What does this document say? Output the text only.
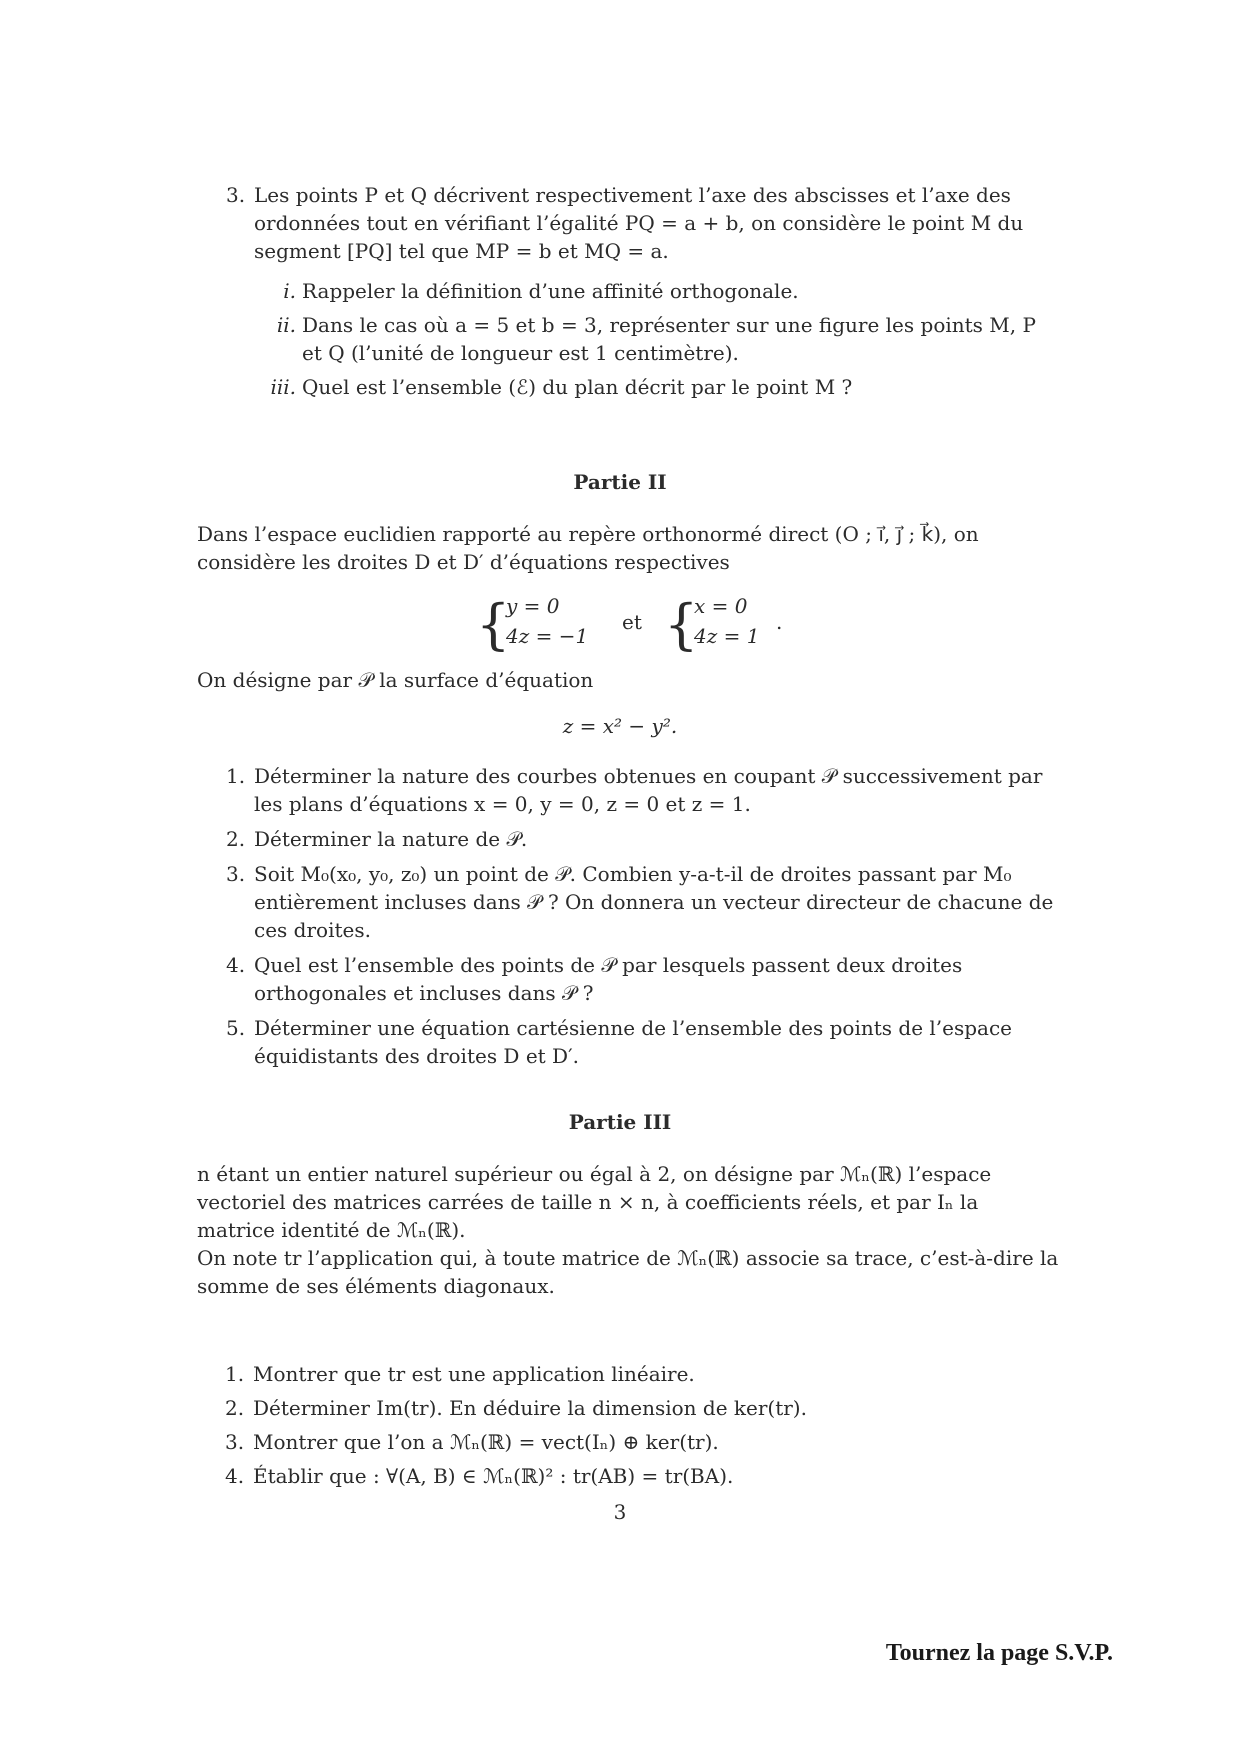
3. Les points P et Q décrivent respectivement l’axe des abscisses et l’axe des ordonnées tout en vérifiant l’égalité PQ = a + b, on considère le point M du segment [PQ] tel que MP = b et MQ = a.
i. Rappeler la définition d’une affinité orthogonale.
ii. Dans le cas où a = 5 et b = 3, représenter sur une figure les points M, P et Q (l’unité de longueur est 1 centimètre).
iii. Quel est l’ensemble (ℰ) du plan décrit par le point M ?
Partie II

Dans l’espace euclidien rapporté au repère orthonormé direct (O ; i⃗, j⃗ ; k⃗), on considère les droites D et D′ d’équations respectives

{
y = 0
4z = −1
et {
x = 0
4z = 1
.

On désigne par 𝒫 la surface d’équation

z = x² − y².
1. Déterminer la nature des courbes obtenues en coupant 𝒫 successivement par les plans d’équations x = 0, y = 0, z = 0 et z = 1.
2. Déterminer la nature de 𝒫.
3. Soit M₀(x₀, y₀, z₀) un point de 𝒫. Combien y-a-t-il de droites passant par M₀ entièrement incluses dans 𝒫 ? On donnera un vecteur directeur de chacune de ces droites.
4. Quel est l’ensemble des points de 𝒫 par lesquels passent deux droites orthogonales et incluses dans 𝒫 ?
5. Déterminer une équation cartésienne de l’ensemble des points de l’espace équidistants des droites D et D′.
Partie III

n étant un entier naturel supérieur ou égal à 2, on désigne par ℳₙ(ℝ) l’espace vectoriel des matrices carrées de taille n × n, à coefficients réels, et par Iₙ la matrice identité de ℳₙ(ℝ).

On note tr l’application qui, à toute matrice de ℳₙ(ℝ) associe sa trace, c’est-à-dire la somme de ses éléments diagonaux.

1. Montrer que tr est une application linéaire.
2. Déterminer Im(tr). En déduire la dimension de ker(tr).
3. Montrer que l’on a ℳₙ(ℝ) = vect(Iₙ) ⊕ ker(tr).
4. Établir que : ∀(A, B) ∈ ℳₙ(ℝ)² : tr(AB) = tr(BA).
3
Tournez la page S.V.P.
